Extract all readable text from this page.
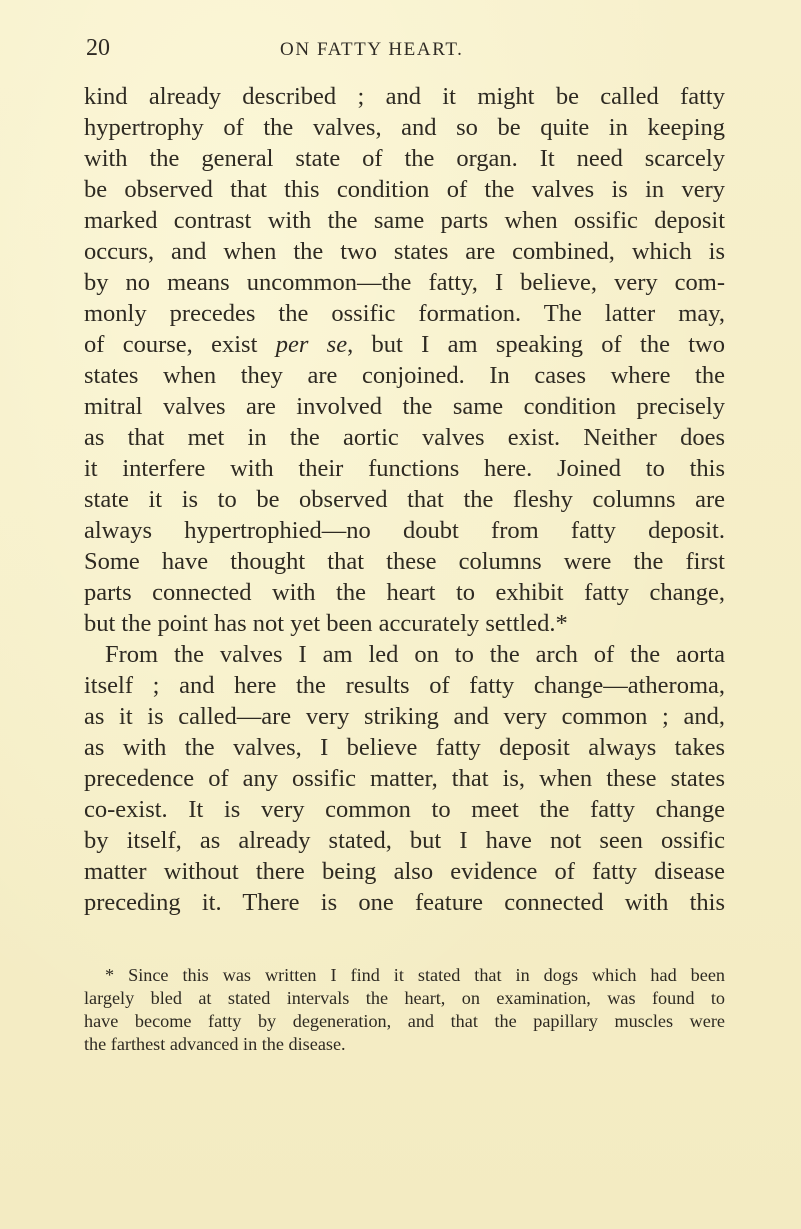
20	ON FATTY HEART.
kind already described ; and it might be called fatty
hypertrophy of the valves, and so be quite in keeping
with the general state of the organ. It need scarcely
be observed that this condition of the valves is in very
marked contrast with the same parts when ossific deposit
occurs, and when the two states are combined, which is
by no means uncommon—the fatty, I believe, very com-
monly precedes the ossific formation. The latter may,
of course, exist per se, but I am speaking of the two
states when they are conjoined. In cases where the
mitral valves are involved the same condition precisely
as that met in the aortic valves exist. Neither does
it interfere with their functions here. Joined to this
state it is to be observed that the fleshy columns are
always hypertrophied—no doubt from fatty deposit.
Some have thought that these columns were the first
parts connected with the heart to exhibit fatty change,
but the point has not yet been accurately settled.*
From the valves I am led on to the arch of the aorta
itself ; and here the results of fatty change—atheroma,
as it is called—are very striking and very common ; and,
as with the valves, I believe fatty deposit always takes
precedence of any ossific matter, that is, when these states
co-exist. It is very common to meet the fatty change
by itself, as already stated, but I have not seen ossific
matter without there being also evidence of fatty disease
preceding it. There is one feature connected with this
* Since this was written I find it stated that in dogs which had been
largely bled at stated intervals the heart, on examination, was found to
have become fatty by degeneration, and that the papillary muscles were
the farthest advanced in the disease.
